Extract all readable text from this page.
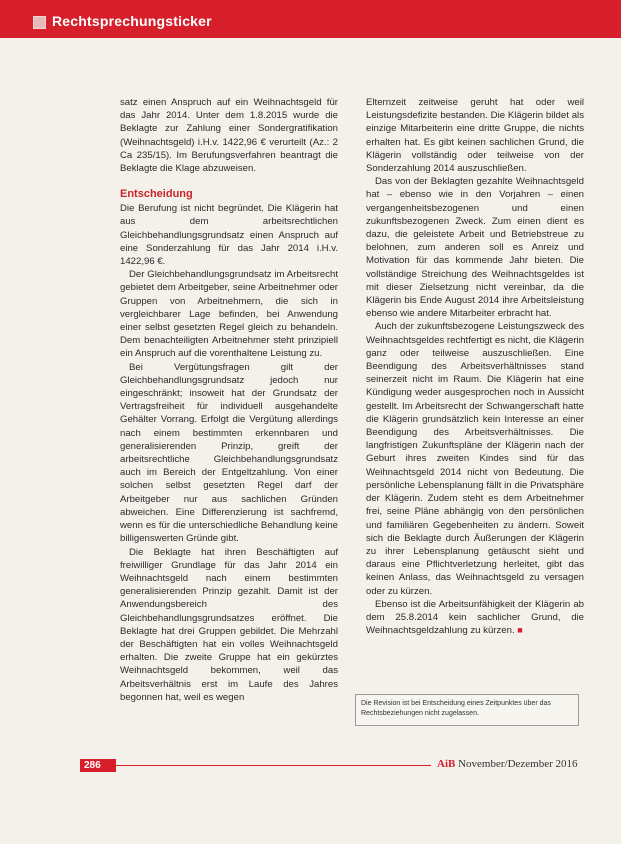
Rechtsprechungsticker

satz einen Anspruch auf ein Weihnachtsgeld für das Jahr 2014. Unter dem 1.8.2015 wurde die Beklagte zur Zahlung einer Sondergratifikation (Weihnachtsgeld) i.H.v. 1422,96 € verurteilt (Az.: 2 Ca 235/15). Im Berufungsverfahren beantragt die Beklagte die Klage abzuweisen.

Entscheidung

Die Berufung ist nicht begründet. Die Klägerin hat aus dem arbeitsrechtlichen Gleichbehandlungsgrundsatz einen Anspruch auf eine Sonderzahlung für das Jahr 2014 i.H.v. 1422,96 €.

Der Gleichbehandlungsgrundsatz im Arbeitsrecht gebietet dem Arbeitgeber, seine Arbeitnehmer oder Gruppen von Arbeitnehmern, die sich in vergleichbarer Lage befinden, bei Anwendung einer selbst gesetzten Regel gleich zu behandeln. Dem benachteiligten Arbeitnehmer steht prinzipiell ein Anspruch auf die vorenthaltene Leistung zu.

Bei Vergütungsfragen gilt der Gleichbehandlungsgrundsatz jedoch nur eingeschränkt; insoweit hat der Grundsatz der Vertragsfreiheit für individuell ausgehandelte Gehälter Vorrang. Erfolgt die Vergütung allerdings nach einem bestimmten erkennbaren und generalisierenden Prinzip, greift der arbeitsrechtliche Gleichbehandlungsgrundsatz auch im Bereich der Entgeltzahlung. Von einer solchen selbst gesetzten Regel darf der Arbeitgeber nur aus sachlichen Gründen abweichen. Eine Differenzierung ist sachfremd, wenn es für die unterschiedliche Behandlung keine billigenswerten Gründe gibt.

Die Beklagte hat ihren Beschäftigten auf freiwilliger Grundlage für das Jahr 2014 ein Weihnachtsgeld nach einem bestimmten generalisierenden Prinzip gezahlt. Damit ist der Anwendungsbereich des Gleichbehandlungsgrundsatzes eröffnet. Die Beklagte hat drei Gruppen gebildet. Die Mehrzahl der Beschäftigten hat ein volles Weihnachtsgeld erhalten. Die zweite Gruppe hat ein gekürztes Weihnachtsgeld bekommen, weil das Arbeitsverhältnis erst im Laufe des Jahres begonnen hat, weil es wegen

Elternzeit zeitweise geruht hat oder weil Leistungsdefizite bestanden. Die Klägerin bildet als einzige Mitarbeiterin eine dritte Gruppe, die nichts erhalten hat. Es gibt keinen sachlichen Grund, die Klägerin vollständig oder teilweise von der Sonderzahlung 2014 auszuschließen.

Das von der Beklagten gezahlte Weihnachtsgeld hat – ebenso wie in den Vorjahren – einen vergangenheitsbezogenen und einen zukunftsbezogenen Zweck. Zum einen dient es dazu, die geleistete Arbeit und Betriebstreue zu belohnen, zum anderen soll es Anreiz und Motivation für das kommende Jahr bieten. Die vollständige Streichung des Weihnachtsgeldes ist mit dieser Zielsetzung nicht vereinbar, da die Klägerin bis Ende August 2014 ihre Arbeitsleistung ebenso wie andere Mitarbeiter erbracht hat.

Auch der zukunftsbezogene Leistungszweck des Weihnachtsgeldes rechtfertigt es nicht, die Klägerin ganz oder teilweise auszuschließen. Eine Beendigung des Arbeitsverhältnisses stand seinerzeit nicht im Raum. Die Klägerin hat eine Kündigung weder ausgesprochen noch in Aussicht gestellt. Im Arbeitsrecht der Schwangerschaft hatte die Klägerin grundsätzlich kein Interesse an einer Beendigung des Arbeitsverhältnisses. Die langfristigen Zukunftspläne der Klägerin nach der Geburt ihres zweiten Kindes sind für das Weihnachtsgeld 2014 nicht von Bedeutung. Die persönliche Lebensplanung fällt in die Privatsphäre der Klägerin. Zudem steht es dem Arbeitnehmer frei, seine Pläne abhängig von den persönlichen und familiären Gegebenheiten zu ändern. Soweit sich die Beklagte durch Äußerungen der Klägerin zu ihrer Lebensplanung getäuscht sieht und daraus eine Pflichtverletzung herleitet, gibt das keinen Anlass, das Weihnachtsgeld zu versagen oder zu kürzen.

Ebenso ist die Arbeitsunfähigkeit der Klägerin ab dem 25.8.2014 kein sachlicher Grund, die Weihnachtsgeldzahlung zu kürzen. ■

Die Revision ist bei Entscheidung eines Zeitpunktes über das Rechtsbeziehungen nicht zugelassen.
286	AiB November/Dezember 2016
